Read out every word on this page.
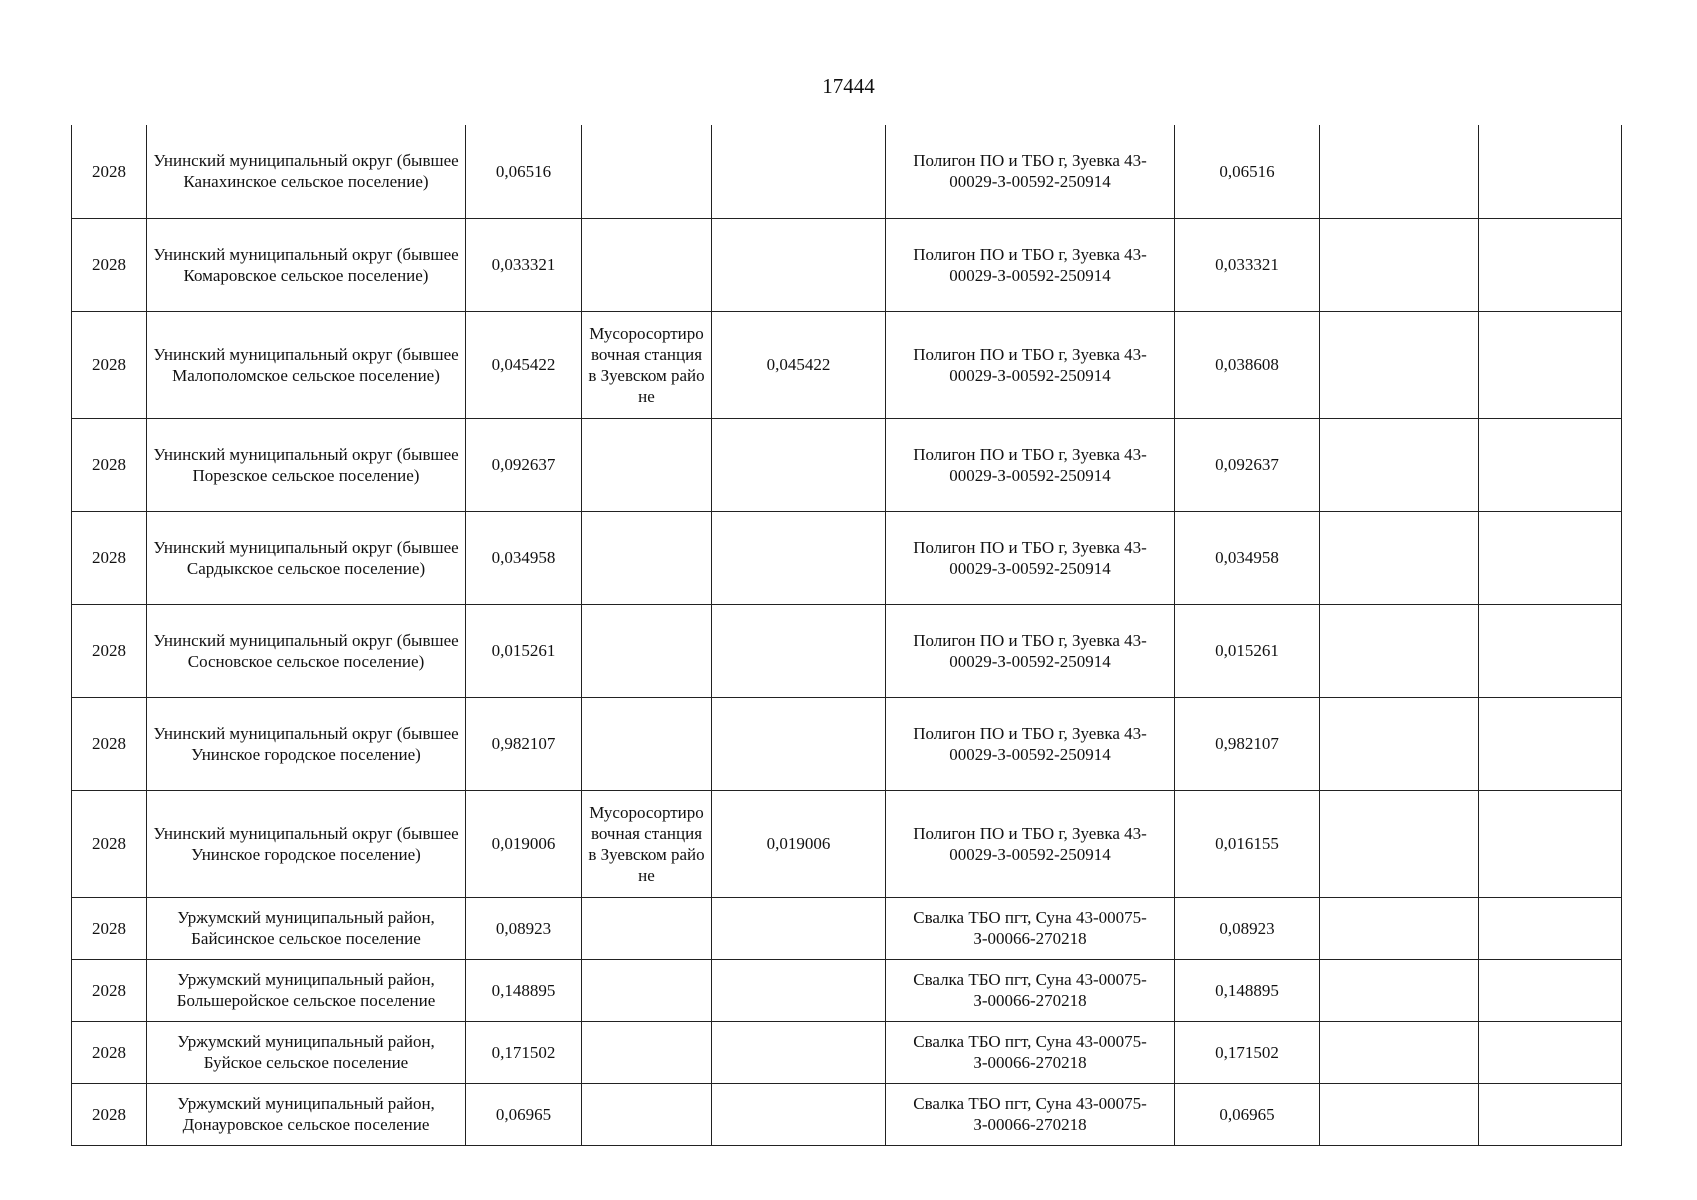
17444
2028	Унинский муниципальный округ (бывшее Канахинское сельское поселение)	0,06516			Полигон ПО и ТБО г, Зуевка 43-00029-З-00592-250914	0,06516		
2028	Унинский муниципальный округ (бывшее Комаровское сельское поселение)	0,033321			Полигон ПО и ТБО г, Зуевка 43-00029-З-00592-250914	0,033321		
2028	Унинский муниципальный округ (бывшее Малополомское сельское поселение)	0,045422	Мусоросортировочная станция в Зуевском районе	0,045422	Полигон ПО и ТБО г, Зуевка 43-00029-З-00592-250914	0,038608		
2028	Унинский муниципальный округ (бывшее Порезское сельское поселение)	0,092637			Полигон ПО и ТБО г, Зуевка 43-00029-З-00592-250914	0,092637		
2028	Унинский муниципальный округ (бывшее Сардыкское сельское поселение)	0,034958			Полигон ПО и ТБО г, Зуевка 43-00029-З-00592-250914	0,034958		
2028	Унинский муниципальный округ (бывшее Сосновское сельское поселение)	0,015261			Полигон ПО и ТБО г, Зуевка 43-00029-З-00592-250914	0,015261		
2028	Унинский муниципальный округ (бывшее Унинское городское поселение)	0,982107			Полигон ПО и ТБО г, Зуевка 43-00029-З-00592-250914	0,982107		
2028	Унинский муниципальный округ (бывшее Унинское городское поселение)	0,019006	Мусоросортировочная станция в Зуевском районе	0,019006	Полигон ПО и ТБО г, Зуевка 43-00029-З-00592-250914	0,016155		
2028	Уржумский муниципальный район, Байсинское сельское поселение	0,08923			Свалка ТБО пгт, Суна 43-00075-З-00066-270218	0,08923		
2028	Уржумский муниципальный район, Большеройское сельское поселение	0,148895			Свалка ТБО пгт, Суна 43-00075-З-00066-270218	0,148895		
2028	Уржумский муниципальный район, Буйское сельское поселение	0,171502			Свалка ТБО пгт, Суна 43-00075-З-00066-270218	0,171502		
2028	Уржумский муниципальный район, Донауровское сельское поселение	0,06965			Свалка ТБО пгт, Суна 43-00075-З-00066-270218	0,06965		
